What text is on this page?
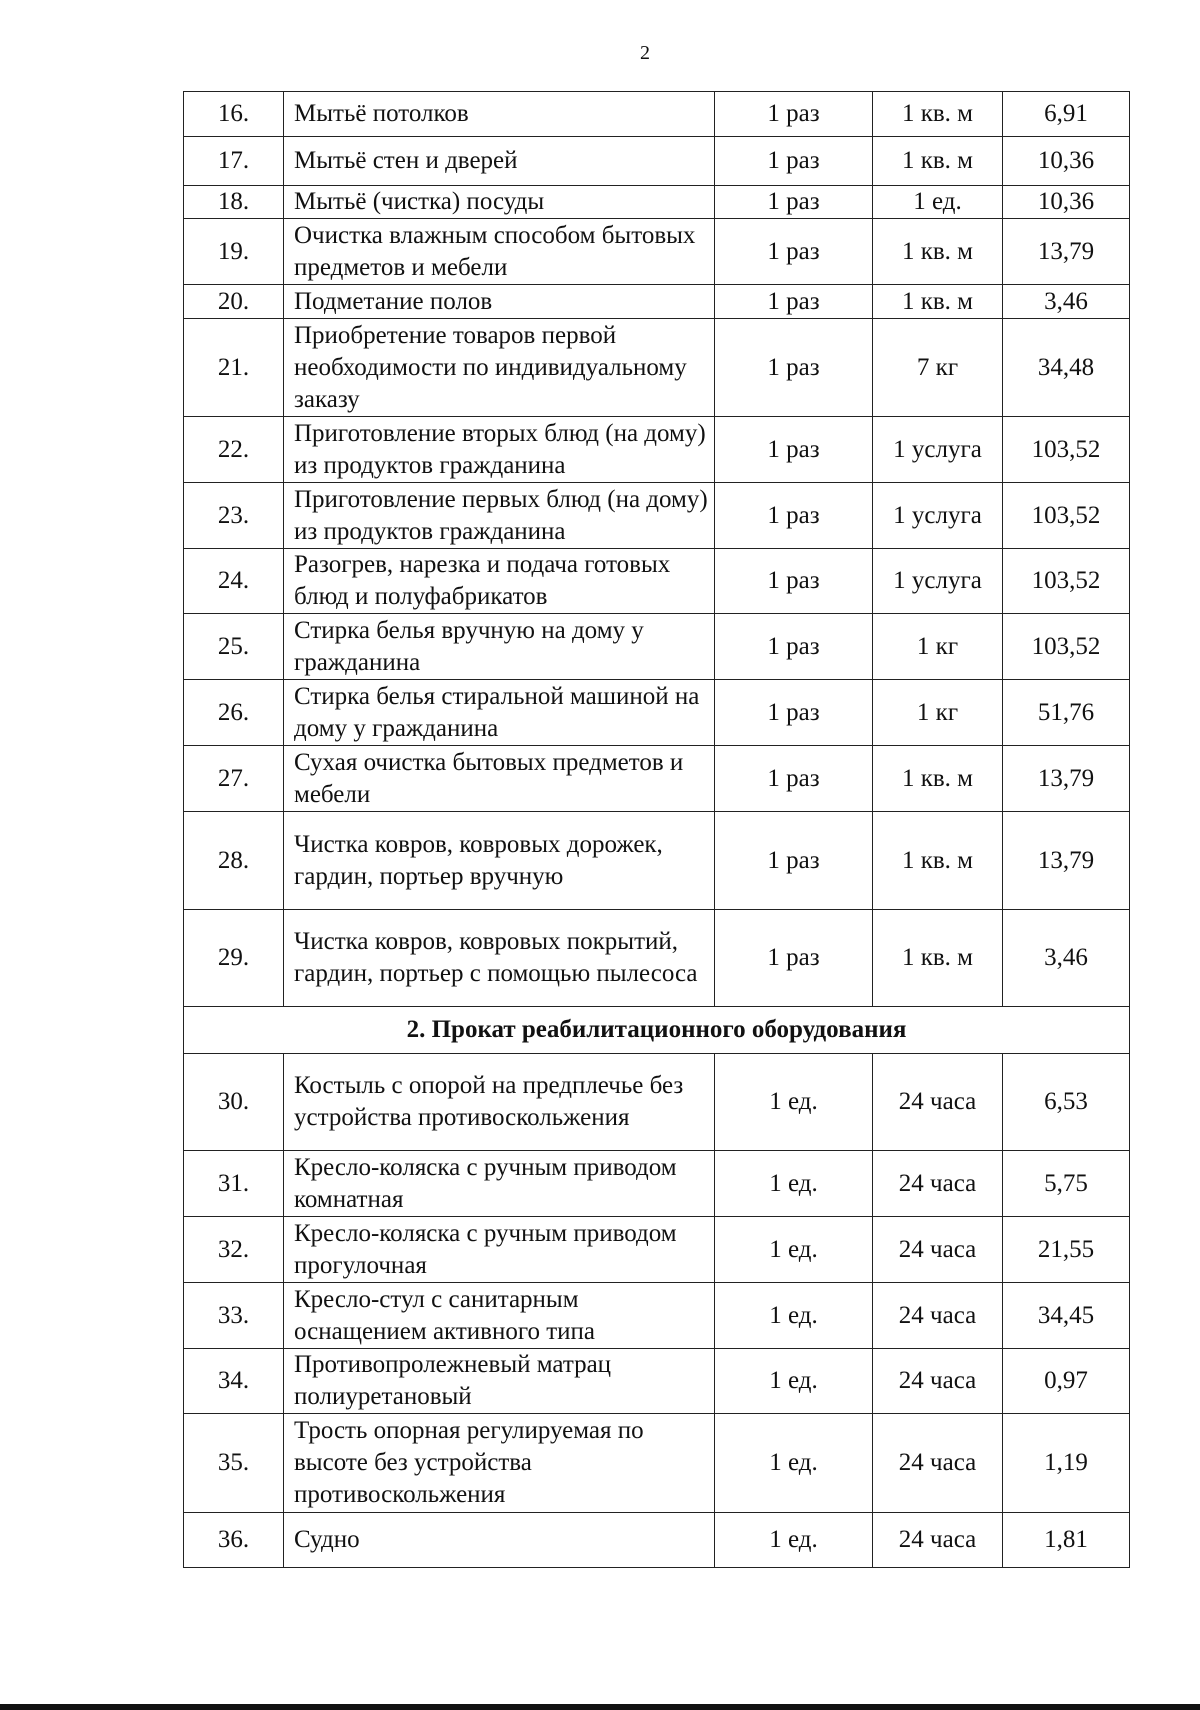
2
16.	Мытьё потолков	1 раз	1 кв. м	6,91
17.	Мытьё стен и дверей	1 раз	1 кв. м	10,36
18.	Мытьё (чистка) посуды	1 раз	1 ед.	10,36
19.	Очистка влажным способом бытовых предметов и мебели	1 раз	1 кв. м	13,79
20.	Подметание полов	1 раз	1 кв. м	3,46
21.	Приобретение товаров первой необходимости по индивидуальному заказу	1 раз	7 кг	34,48
22.	Приготовление вторых блюд (на дому) из продуктов гражданина	1 раз	1 услуга	103,52
23.	Приготовление первых блюд (на дому) из продуктов гражданина	1 раз	1 услуга	103,52
24.	Разогрев, нарезка и подача готовых блюд и полуфабрикатов	1 раз	1 услуга	103,52
25.	Стирка белья вручную на дому у гражданина	1 раз	1 кг	103,52
26.	Стирка белья стиральной машиной на дому у гражданина	1 раз	1 кг	51,76
27.	Сухая очистка бытовых предметов и мебели	1 раз	1 кв. м	13,79
28.	Чистка ковров, ковровых дорожек, гардин, портьер вручную	1 раз	1 кв. м	13,79
29.	Чистка ковров, ковровых покрытий, гардин, портьер с помощью пылесоса	1 раз	1 кв. м	3,46
2. Прокат реабилитационного оборудования				
30.	Костыль с опорой на предплечье без устройства противоскольжения	1 ед.	24 часа	6,53
31.	Кресло-коляска с ручным приводом комнатная	1 ед.	24 часа	5,75
32.	Кресло-коляска с ручным приводом прогулочная	1 ед.	24 часа	21,55
33.	Кресло-стул с санитарным оснащением активного типа	1 ед.	24 часа	34,45
34.	Противопролежневый матрац полиуретановый	1 ед.	24 часа	0,97
35.	Трость опорная регулируемая по высоте без устройства противоскольжения	1 ед.	24 часа	1,19
36.	Судно	1 ед.	24 часа	1,81
